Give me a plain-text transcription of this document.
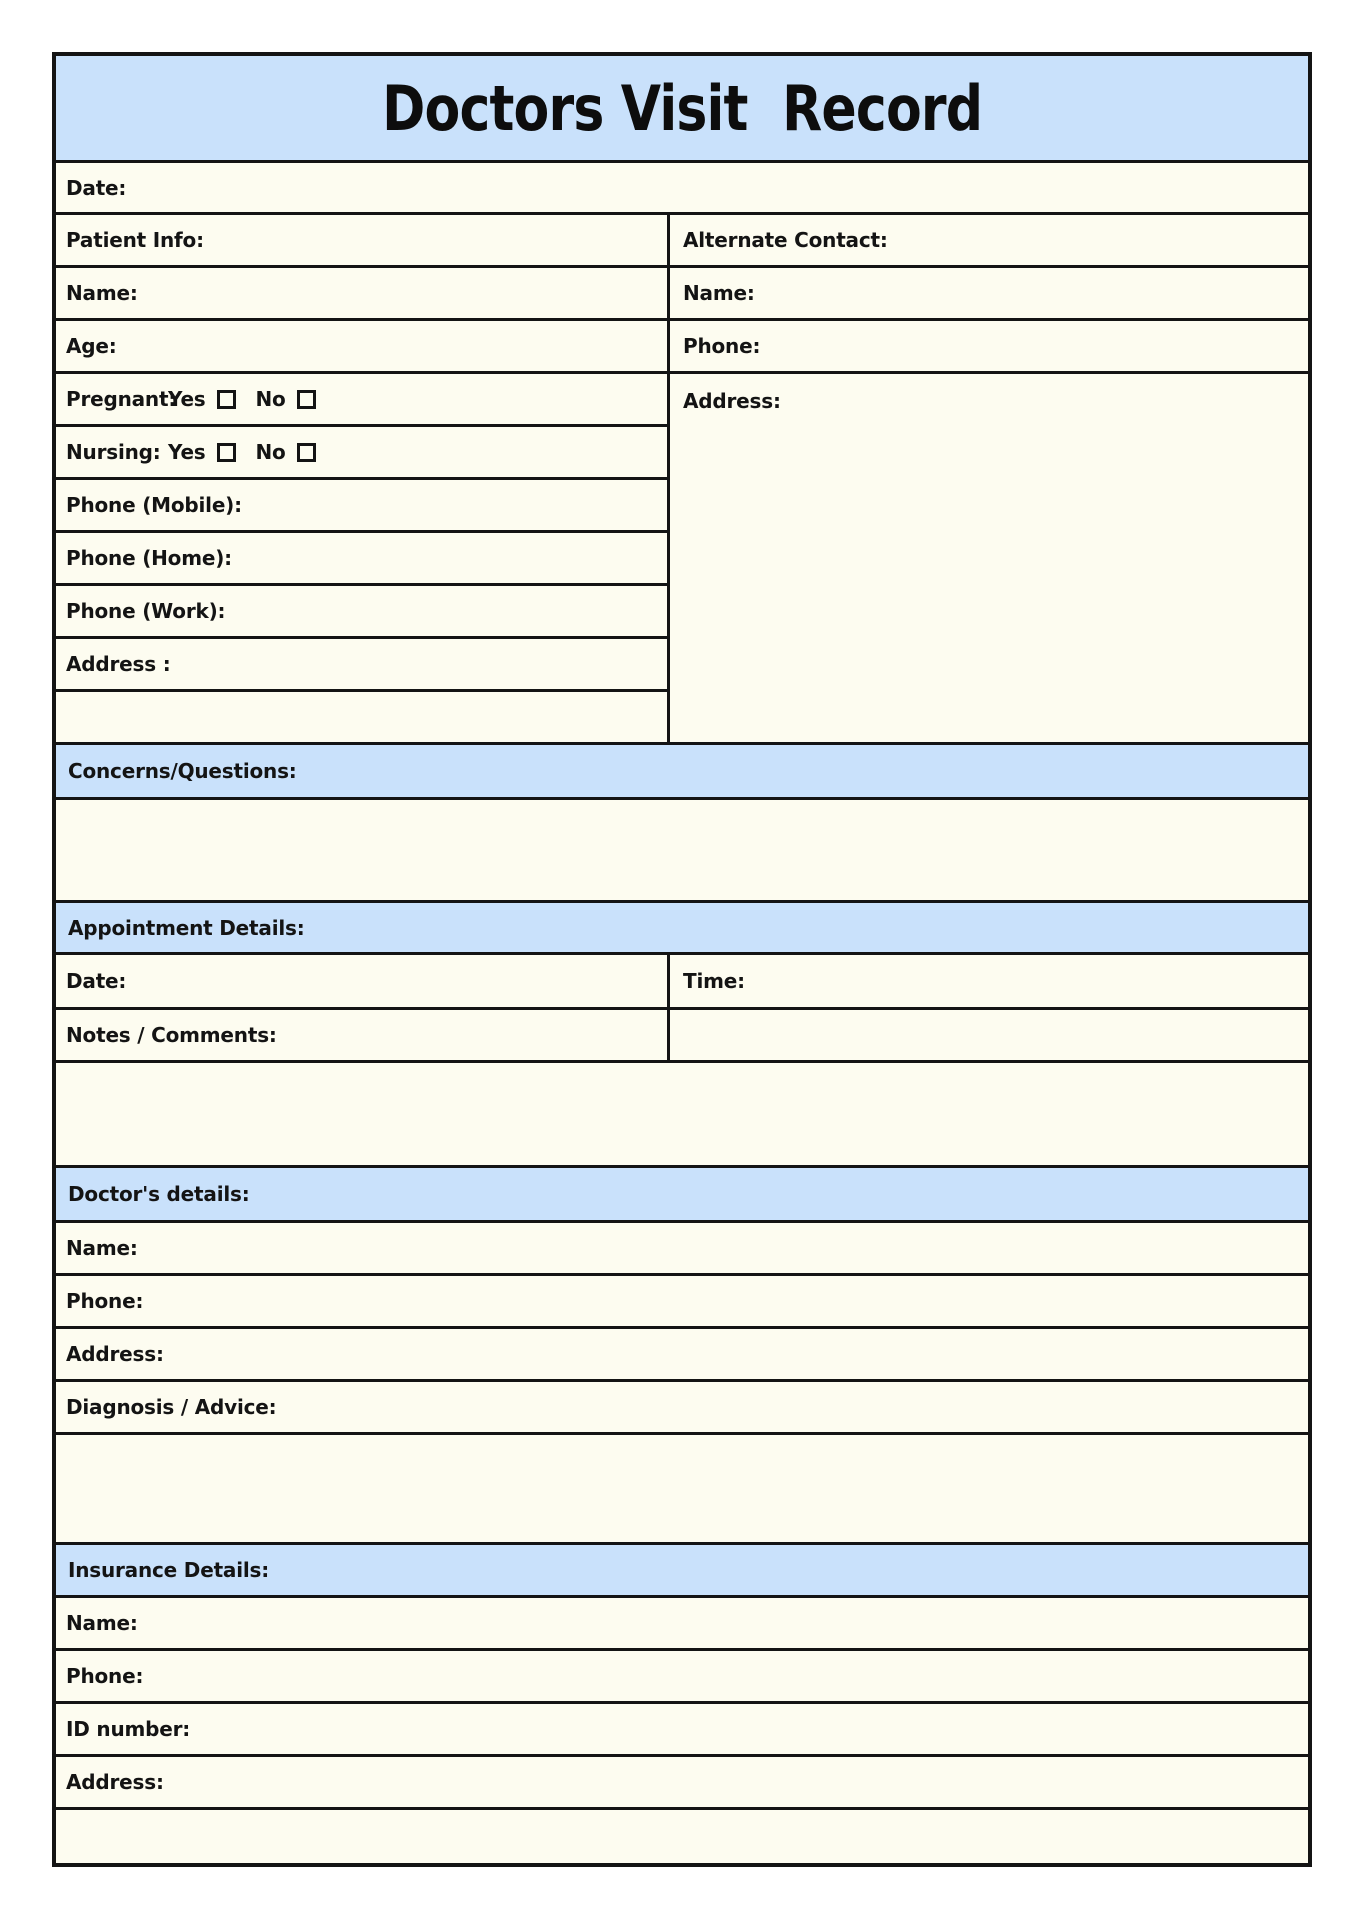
Doctors Visit  Record
Date:
Patient Info:
Name:
Age:
Pregnant:
Yes	No
Nursing: Yes	No
Phone (Mobile):
Phone (Home):
Phone (Work):
Address :
Alternate Contact:
Name:
Phone:
Address:
Concerns/Questions:
Appointment Details:
Date:
Notes / Comments:
Time:
Doctor's details:
Name:
Phone:
Address:
Diagnosis / Advice:
Insurance Details:
Name:
Phone:
ID number:
Address:
